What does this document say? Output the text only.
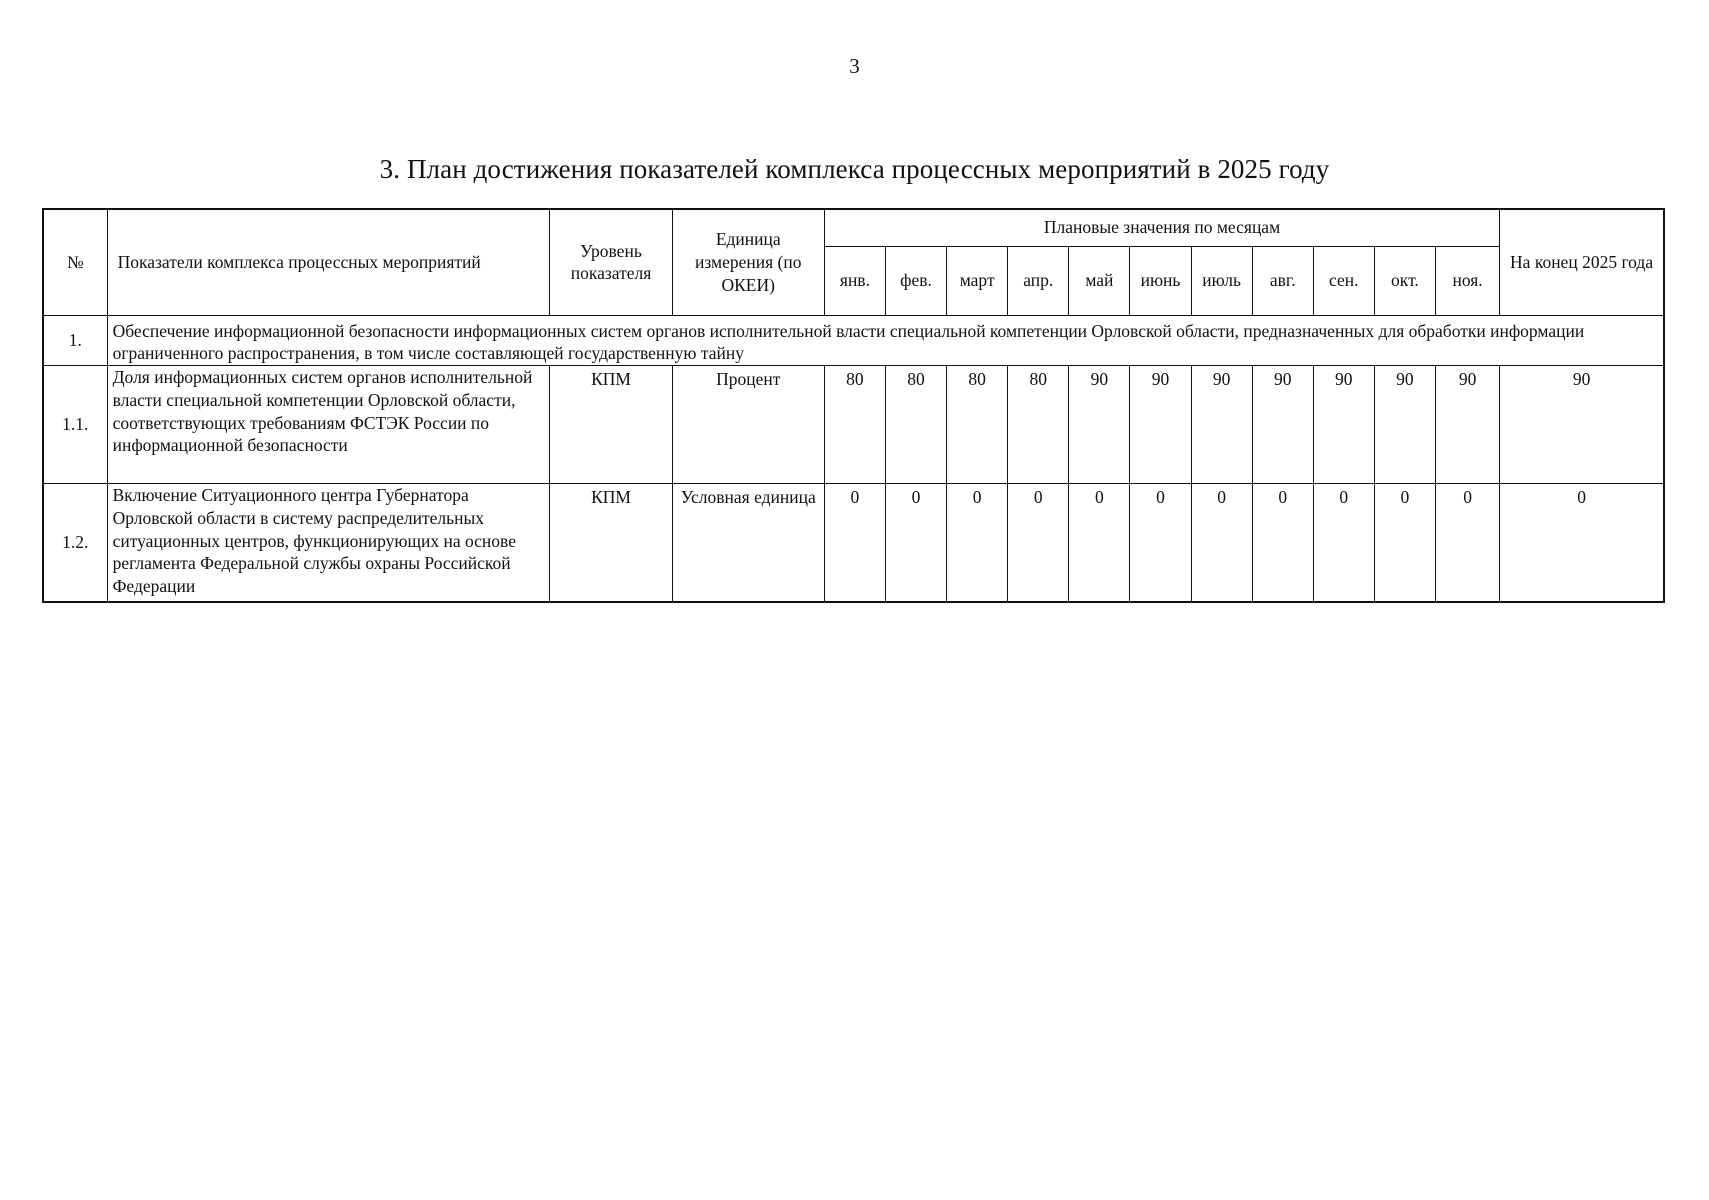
3
3. План достижения показателей комплекса процессных мероприятий в 2025 году
№	Показатели комплекса процессных мероприятий	Уровень показателя	Единица измерения (по ОКЕИ)	Плановые значения по месяцам											На конец 2025 года

				янв.	фев.	март	апр.	май	июнь	июль	авг.	сен.	окт.	ноя.	
1.	Обеспечение информационной безопасности информационных систем органов исполнительной власти специальной компетенции Орловской области, предназначенных для обработки информации ограниченного распространения, в том числе составляющей государственную тайну														
1.1.	Доля информационных систем органов исполнительной власти специальной компетенции Орловской области, соответствующих требованиям ФСТЭК России по информационной безопасности	КПМ	Процент	80	80	80	80	90	90	90	90	90	90	90	90
1.2.	Включение Ситуационного центра Губернатора Орловской области в систему распределительных ситуационных центров, функционирующих на основе регламента Федеральной службы охраны Российской Федерации	КПМ	Условная единица	0	0	0	0	0	0	0	0	0	0	0	0
